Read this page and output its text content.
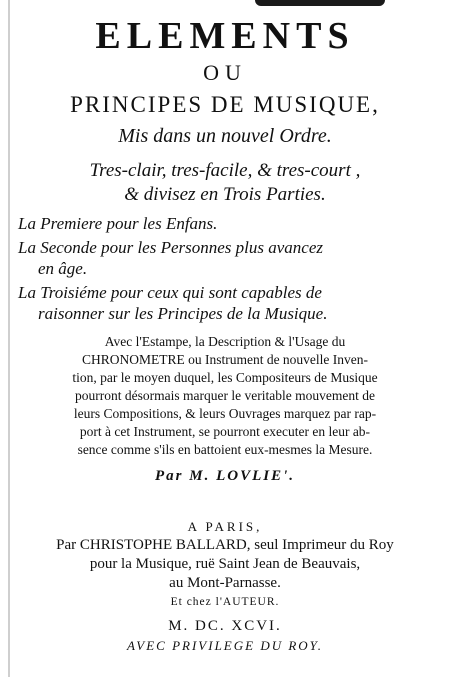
ELEMENTS
OU
PRINCIPES DE MUSIQUE,
Mis dans un nouvel Ordre.
Tres-clair, tres-facile, & tres-court ,
& divisez en Trois Parties.
La Premiere pour les Enfans.
La Seconde pour les Personnes plus avancez
en âge.
La Troisiéme pour ceux qui sont capables de
raisonner sur les Principes de la Musique.
Avec l'Estampe, la Description & l'Usage du
CHRONOMETRE ou Instrument de nouvelle Inven-
tion, par le moyen duquel, les Compositeurs de Musique
pourront désormais marquer le veritable mouvement de
leurs Compositions, & leurs Ouvrages marquez par rap-
port à cet Instrument, se pourront executer en leur ab-
sence comme s'ils en battoient eux-mesmes la Mesure.
Par M. LOVLIE'.
A PARIS,
Par CHRISTOPHE BALLARD, seul Imprimeur du Roy
pour la Musique, ruë Saint Jean de Beauvais,
au Mont-Parnasse.
Et chez l'AUTEUR.
M. DC. XCVI.
AVEC PRIVILEGE DU ROY.
